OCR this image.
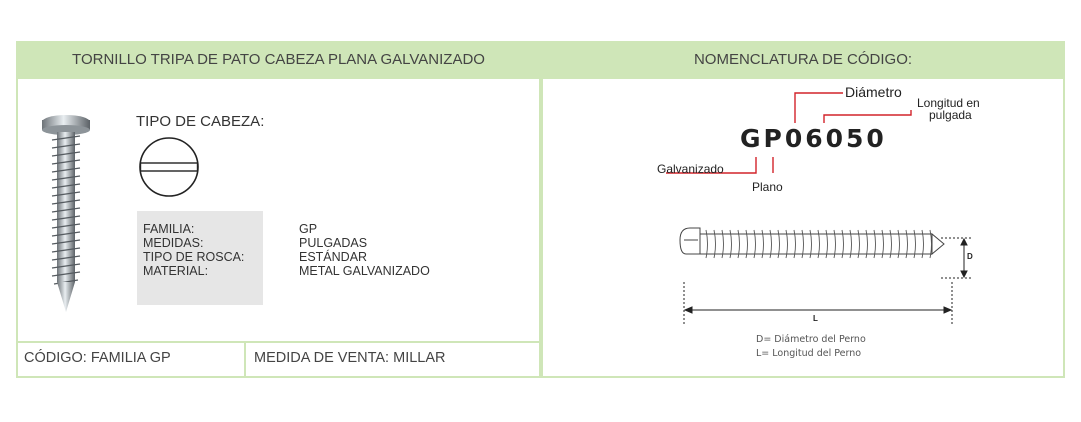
TORNILLO TRIPA DE PATO CABEZA PLANA GALVANIZADO
TIPO DE CABEZA:
FAMILIA:
MEDIDAS:
TIPO DE ROSCA:
MATERIAL:
GP
PULGADAS
ESTÁNDAR
METAL GALVANIZADO
CÓDIGO: FAMILIA GP	MEDIDA DE VENTA: MILLAR
NOMENCLATURA DE CÓDIGO:
GP06050
Diámetro
Longitud en
pulgada
Galvanizado
Plano
D
L
D= Diámetro del Perno
L= Longitud del Perno
